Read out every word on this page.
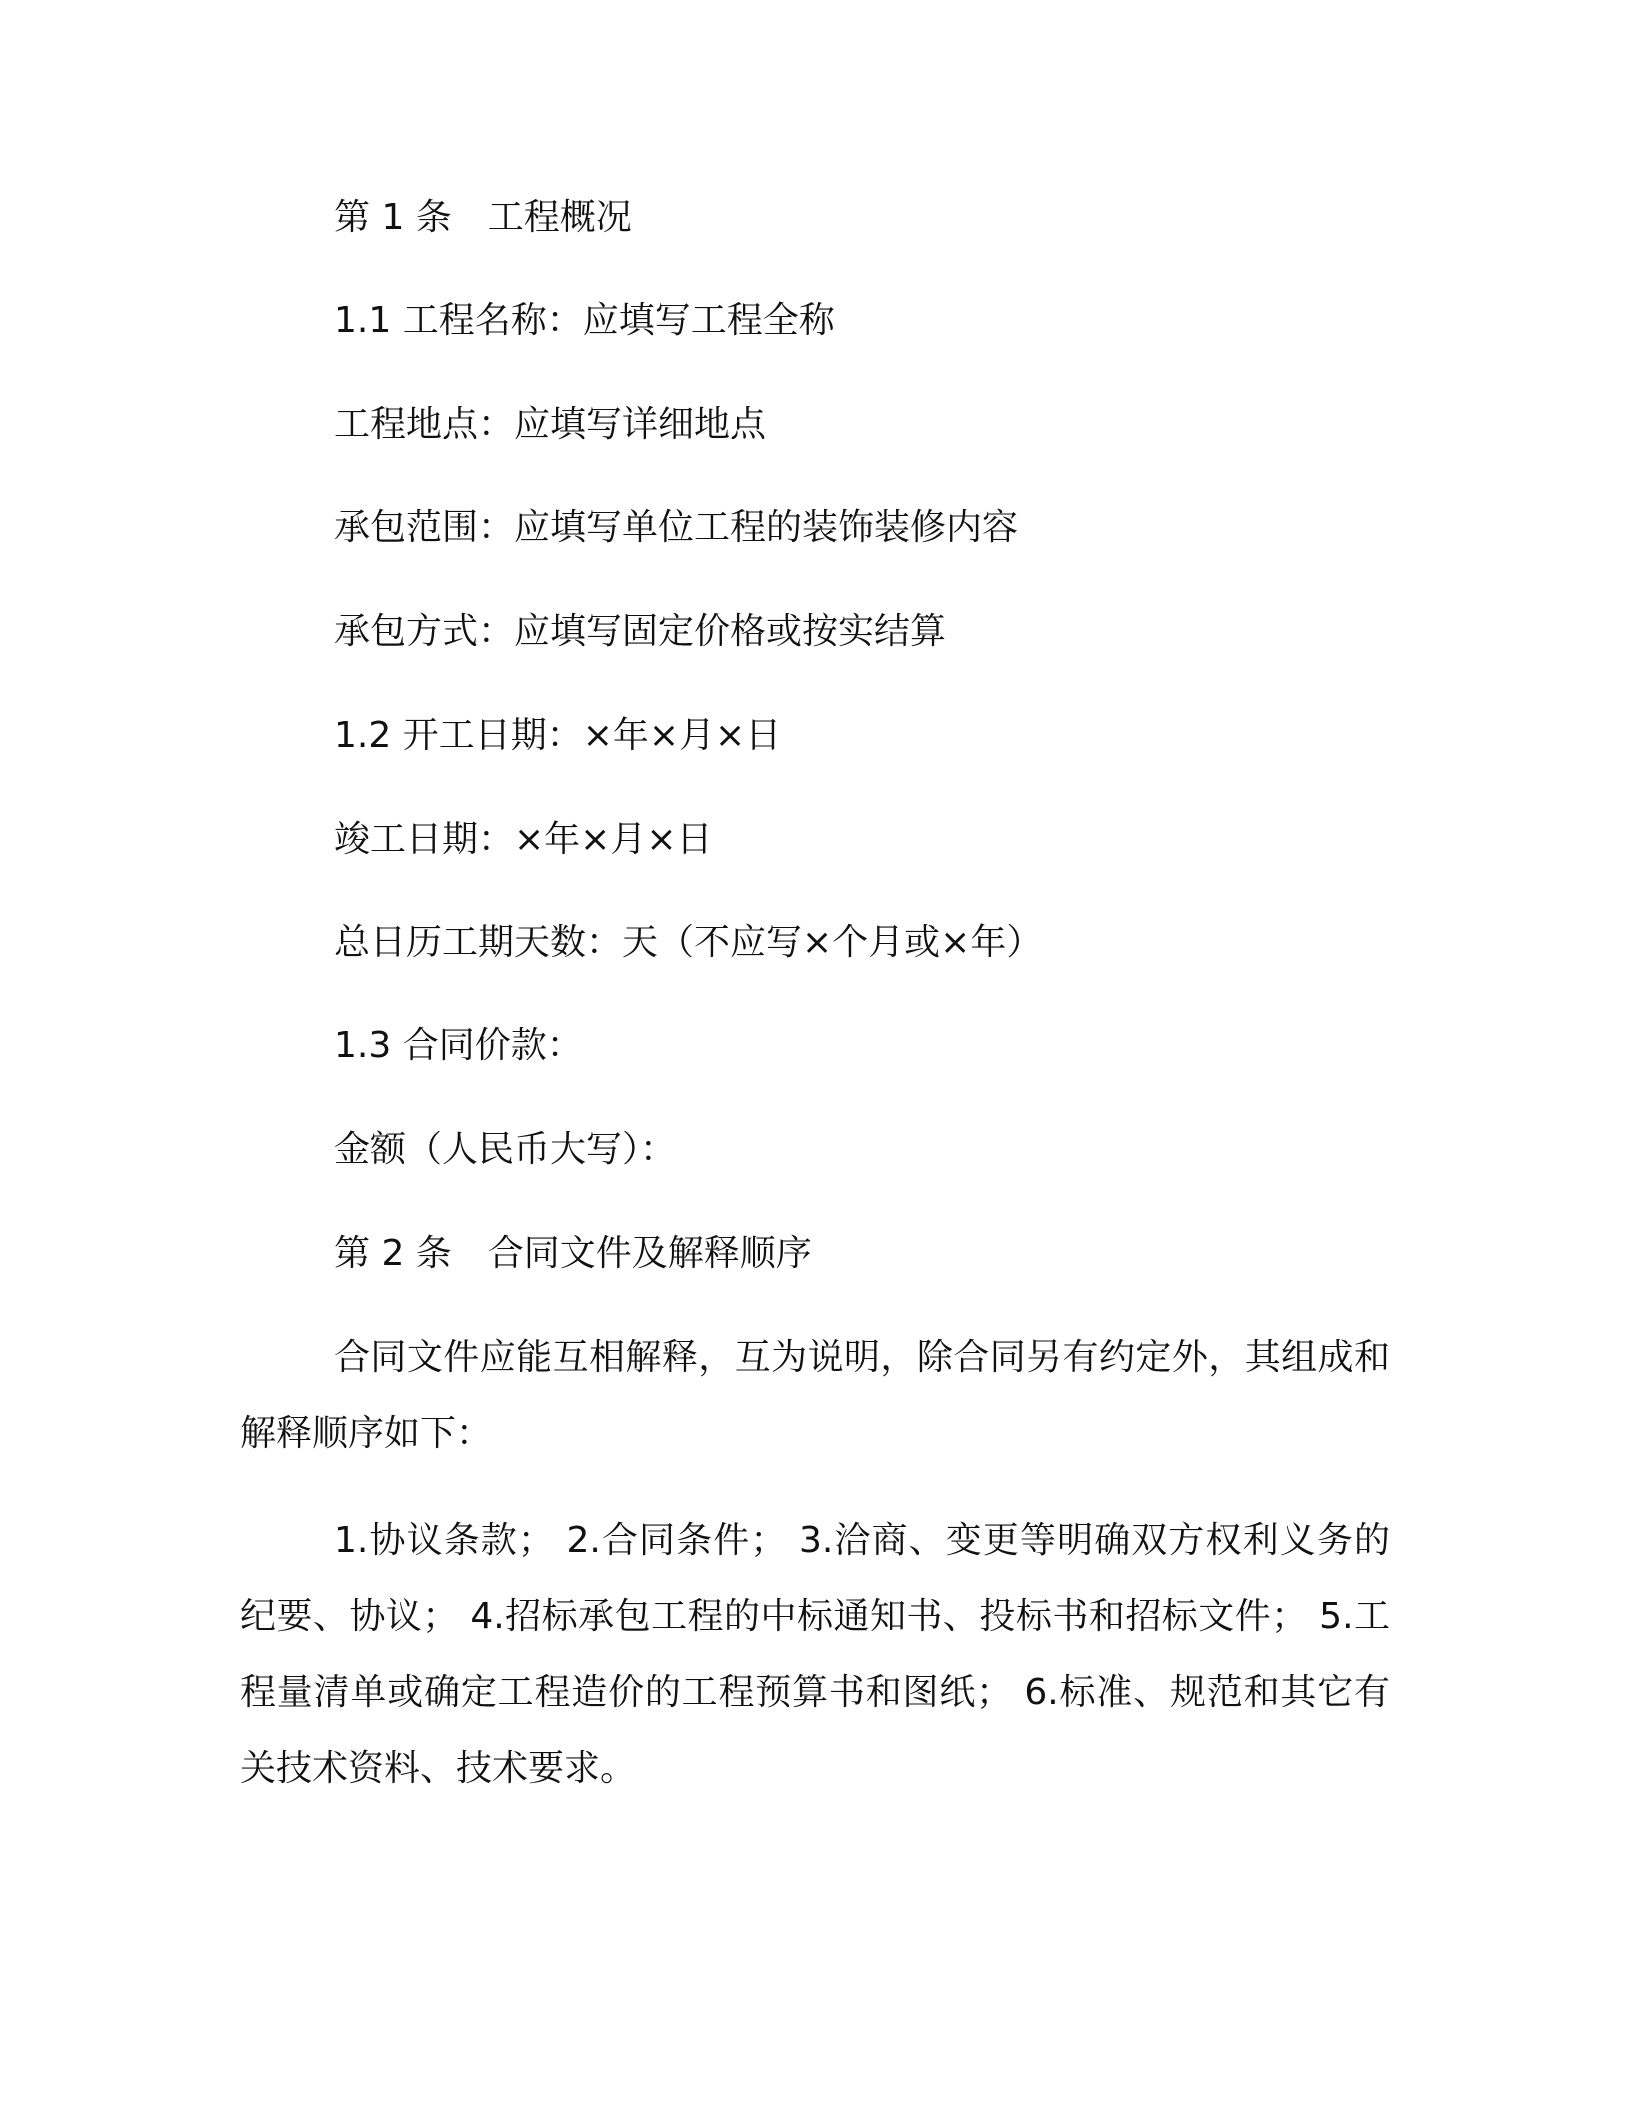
第 1 条　工程概况
1.1 工程名称：应填写工程全称
工程地点：应填写详细地点
承包范围：应填写单位工程的装饰装修内容
承包方式：应填写固定价格或按实结算
1.2 开工日期：×年×月×日
竣工日期：×年×月×日
总日历工期天数：天（不应写×个月或×年）
1.3 合同价款：
金额（人民币大写）：
第 2 条　合同文件及解释顺序
合同文件应能互相解释，互为说明，除合同另有约定外，其组成和解释顺序如下：
1.协议条款； 2.合同条件； 3.洽商、变更等明确双方权利义务的纪要、协议； 4.招标承包工程的中标通知书、投标书和招标文件； 5.工程量清单或确定工程造价的工程预算书和图纸； 6.标准、规范和其它有关技术资料、技术要求。
